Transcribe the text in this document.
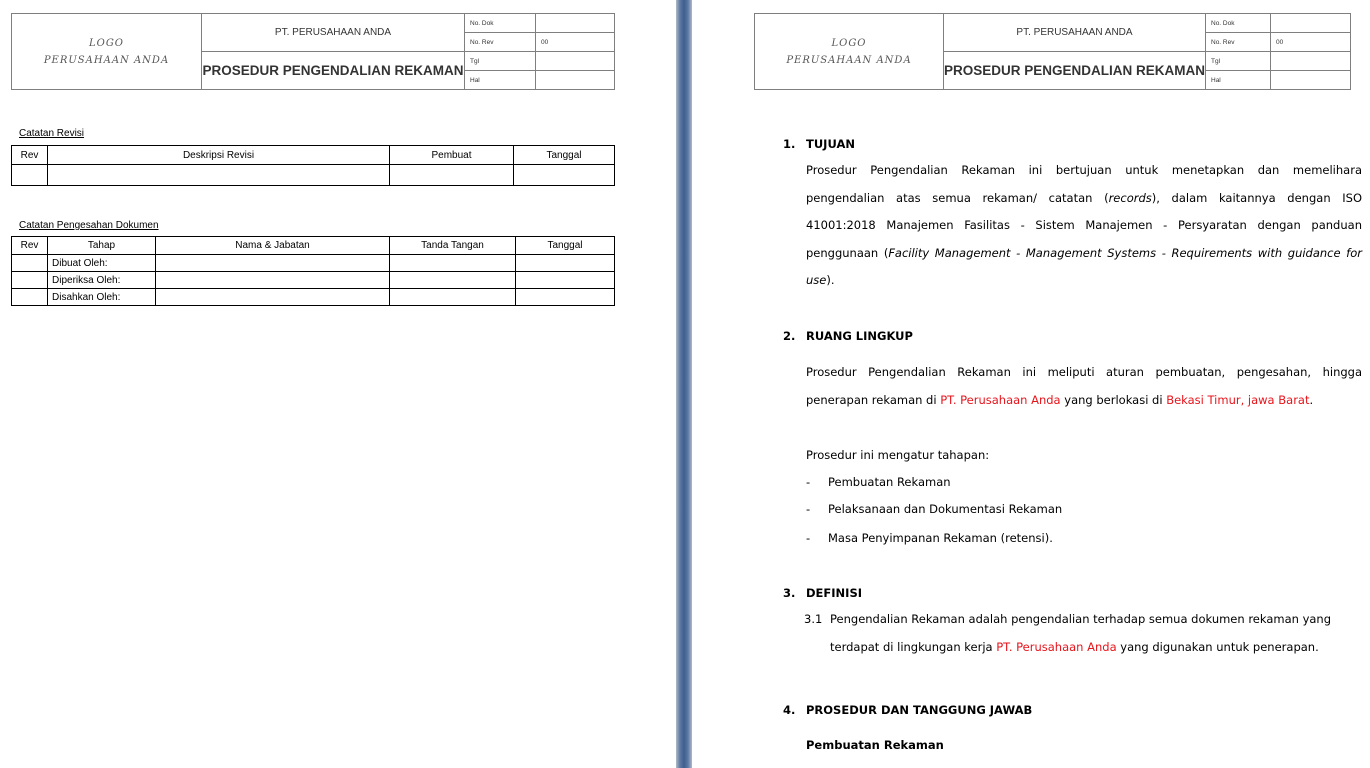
LOGO
PERUSAHAAN ANDA	PT. PERUSAHAAN ANDA	No. Dok	
		No. Rev	00
	PROSEDUR PENGENDALIAN REKAMAN	Tgl	
		Hal	
Catatan Revisi
Rev	Deskripsi Revisi	Pembuat	Tanggal

Catatan Pengesahan Dokumen
Rev	Tahap	Nama & Jabatan	Tanda Tangan	Tanggal
	Dibuat Oleh:			
	Diperiksa Oleh:			
	Disahkan Oleh:			
LOGO
PERUSAHAAN ANDA	PT. PERUSAHAAN ANDA	No. Dok	
		No. Rev	00
	PROSEDUR PENGENDALIAN REKAMAN	Tgl	
		Hal	
1. TUJUAN
Prosedur Pengendalian Rekaman ini bertujuan untuk menetapkan dan memelihara pengendalian atas semua rekaman/ catatan (records), dalam kaitannya dengan ISO 41001:2018 Manajemen Fasilitas - Sistem Manajemen - Persyaratan dengan panduan penggunaan (Facility Management - Management Systems - Requirements with guidance for use).
2. RUANG LINGKUP
Prosedur Pengendalian Rekaman ini meliputi aturan pembuatan, pengesahan, hingga penerapan rekaman di PT. Perusahaan Anda yang berlokasi di Bekasi Timur, jawa Barat.
Prosedur ini mengatur tahapan:
- Pembuatan Rekaman
- Pelaksanaan dan Dokumentasi Rekaman
- Masa Penyimpanan Rekaman (retensi).
3. DEFINISI
3.1 Pengendalian Rekaman adalah pengendalian terhadap semua dokumen rekaman yang
terdapat di lingkungan kerja PT. Perusahaan Anda yang digunakan untuk penerapan.
4. PROSEDUR DAN TANGGUNG JAWAB
Pembuatan Rekaman
